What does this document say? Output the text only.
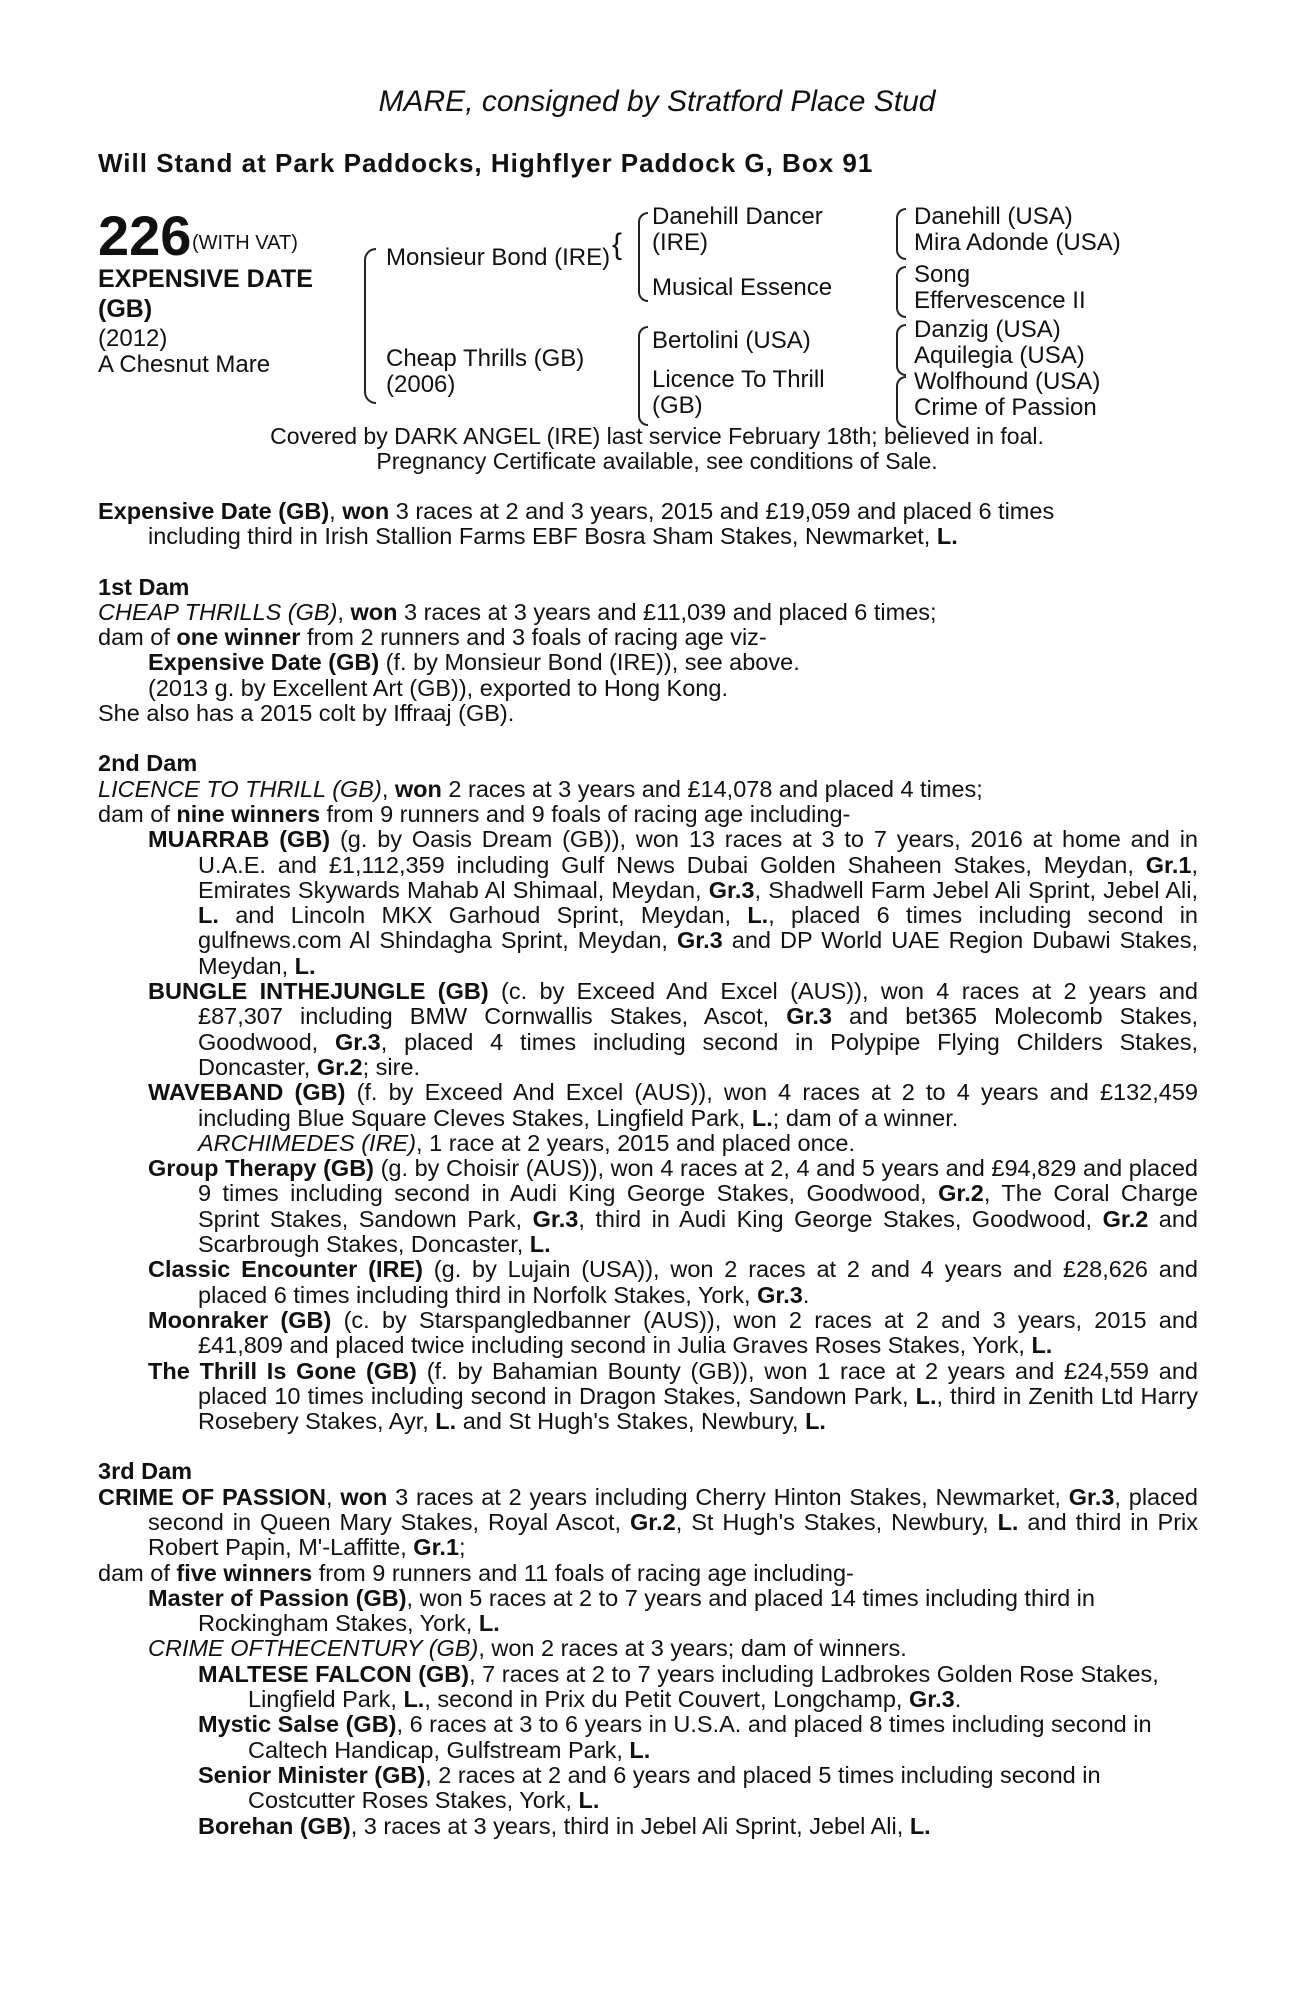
MARE, consigned by Stratford Place Stud
Will Stand at Park Paddocks, Highflyer Paddock G, Box 91
226 (WITH VAT)
EXPENSIVE DATE
(GB)
(2012)
A Chesnut Mare
Monsieur Bond (IRE)
Cheap Thrills (GB)
(2006)
{
Danehill Dancer
(IRE)
Musical Essence
Bertolini (USA)
Licence To Thrill
(GB)
Danehill (USA)
Mira Adonde (USA)
Song
Effervescence II
Danzig (USA)
Aquilegia (USA)
Wolfhound (USA)
Crime of Passion
Covered by DARK ANGEL (IRE) last service February 18th; believed in foal.
Pregnancy Certificate available, see conditions of Sale.

Expensive Date (GB), won 3 races at 2 and 3 years, 2015 and £19,059 and placed 6 times
including third in Irish Stallion Farms EBF Bosra Sham Stakes, Newmarket, L.

1st Dam

CHEAP THRILLS (GB), won 3 races at 3 years and £11,039 and placed 6 times;

dam of one winner from 2 runners and 3 foals of racing age viz-

Expensive Date (GB) (f. by Monsieur Bond (IRE)), see above.

(2013 g. by Excellent Art (GB)), exported to Hong Kong.

She also has a 2015 colt by Iffraaj (GB).

2nd Dam

LICENCE TO THRILL (GB), won 2 races at 3 years and £14,078 and placed 4 times;

dam of nine winners from 9 runners and 9 foals of racing age including-

MUARRAB (GB) (g. by Oasis Dream (GB)), won 13 races at 3 to 7 years, 2016 at home and in U.A.E. and £1,112,359 including Gulf News Dubai Golden Shaheen Stakes, Meydan, Gr.1, Emirates Skywards Mahab Al Shimaal, Meydan, Gr.3, Shadwell Farm Jebel Ali Sprint, Jebel Ali, L. and Lincoln MKX Garhoud Sprint, Meydan, L., placed 6 times including second in gulfnews.com Al Shindagha Sprint, Meydan, Gr.3 and DP World UAE Region Dubawi Stakes, Meydan, L.

BUNGLE INTHEJUNGLE (GB) (c. by Exceed And Excel (AUS)), won 4 races at 2 years and £87,307 including BMW Cornwallis Stakes, Ascot, Gr.3 and bet365 Molecomb Stakes, Goodwood, Gr.3, placed 4 times including second in Polypipe Flying Childers Stakes, Doncaster, Gr.2; sire.

WAVEBAND (GB) (f. by Exceed And Excel (AUS)), won 4 races at 2 to 4 years and £132,459 including Blue Square Cleves Stakes, Lingfield Park, L.; dam of a winner.

ARCHIMEDES (IRE), 1 race at 2 years, 2015 and placed once.

Group Therapy (GB) (g. by Choisir (AUS)), won 4 races at 2, 4 and 5 years and £94,829 and placed 9 times including second in Audi King George Stakes, Goodwood, Gr.2, The Coral Charge Sprint Stakes, Sandown Park, Gr.3, third in Audi King George Stakes, Goodwood, Gr.2 and Scarbrough Stakes, Doncaster, L.

Classic Encounter (IRE) (g. by Lujain (USA)), won 2 races at 2 and 4 years and £28,626 and placed 6 times including third in Norfolk Stakes, York, Gr.3.

Moonraker (GB) (c. by Starspangledbanner (AUS)), won 2 races at 2 and 3 years, 2015 and £41,809 and placed twice including second in Julia Graves Roses Stakes, York, L.

The Thrill Is Gone (GB) (f. by Bahamian Bounty (GB)), won 1 race at 2 years and £24,559 and placed 10 times including second in Dragon Stakes, Sandown Park, L., third in Zenith Ltd Harry Rosebery Stakes, Ayr, L. and St Hugh's Stakes, Newbury, L.

3rd Dam

CRIME OF PASSION, won 3 races at 2 years including Cherry Hinton Stakes, Newmarket, Gr.3, placed second in Queen Mary Stakes, Royal Ascot, Gr.2, St Hugh's Stakes, Newbury, L. and third in Prix Robert Papin, M'-Laffitte, Gr.1;

dam of five winners from 9 runners and 11 foals of racing age including-

Master of Passion (GB), won 5 races at 2 to 7 years and placed 14 times including third in Rockingham Stakes, York, L.

CRIME OFTHECENTURY (GB), won 2 races at 3 years; dam of winners.

MALTESE FALCON (GB), 7 races at 2 to 7 years including Ladbrokes Golden Rose Stakes, Lingfield Park, L., second in Prix du Petit Couvert, Longchamp, Gr.3.

Mystic Salse (GB), 6 races at 3 to 6 years in U.S.A. and placed 8 times including second in Caltech Handicap, Gulfstream Park, L.

Senior Minister (GB), 2 races at 2 and 6 years and placed 5 times including second in Costcutter Roses Stakes, York, L.

Borehan (GB), 3 races at 3 years, third in Jebel Ali Sprint, Jebel Ali, L.
